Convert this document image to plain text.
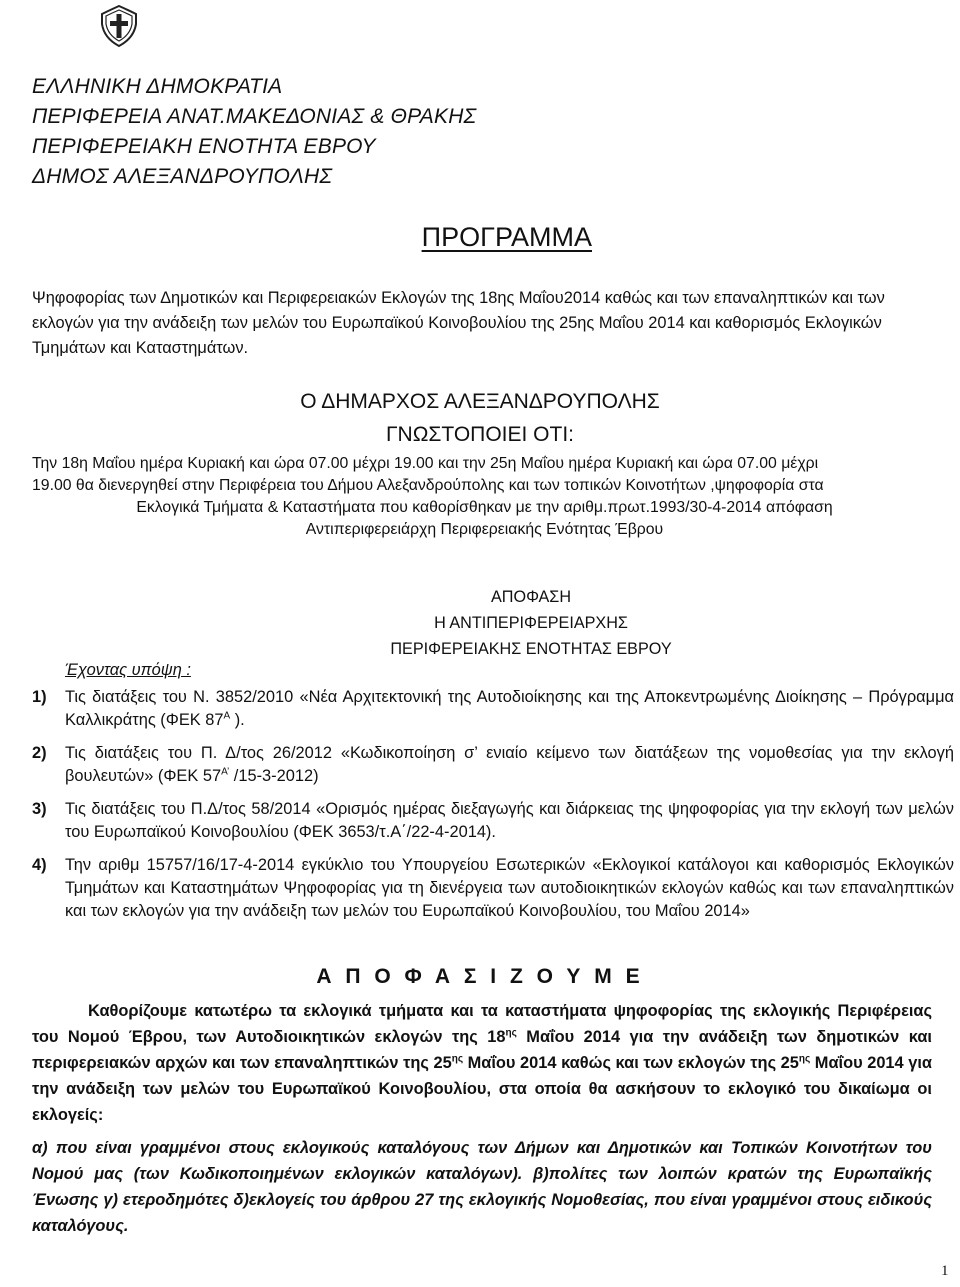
ΕΛΛΗΝΙΚΗ ΔΗΜΟΚΡΑΤΙΑ
ΠΕΡΙΦΕΡΕΙΑ ΑΝΑΤ.ΜΑΚΕΔΟΝΙΑΣ & ΘΡΑΚΗΣ
ΠΕΡΙΦΕΡΕΙΑΚΗ ΕΝΟΤΗΤΑ ΕΒΡΟΥ
ΔΗΜΟΣ ΑΛΕΞΑΝΔΡΟΥΠΟΛΗΣ
ΠΡΟΓΡΑΜΜΑ
Ψηφοφορίας των Δημοτικών και Περιφερειακών Εκλογών της 18ης Μαΐου2014 καθώς και των επαναληπτικών και των εκλογών για την ανάδειξη των μελών του Ευρωπαϊκού Κοινοβουλίου της 25ης Μαΐου 2014 και καθορισμός Εκλογικών Τμημάτων και Καταστημάτων.
Ο ΔΗΜΑΡΧΟΣ ΑΛΕΞΑΝΔΡΟΥΠΟΛΗΣ
ΓΝΩΣΤΟΠΟΙΕΙ ΟΤΙ:
Την 18η Μαΐου ημέρα Κυριακή και ώρα 07.00 μέχρι 19.00 και την 25η Μαΐου ημέρα Κυριακή και ώρα 07.00 μέχρι
19.00 θα διενεργηθεί στην Περιφέρεια του Δήμου Αλεξανδρούπολης και των τοπικών Κοινοτήτων ,ψηφοφορία στα
Εκλογικά Τμήματα & Καταστήματα που καθορίσθηκαν με την αριθμ.πρωτ.1993/30-4-2014 απόφαση
Αντιπεριφερειάρχη Περιφερειακής Ενότητας Έβρου
ΑΠΟΦΑΣΗ
Η ΑΝΤΙΠΕΡΙΦΕΡΕΙΑΡΧΗΣ
ΠΕΡΙΦΕΡΕΙΑΚΗΣ ΕΝΟΤΗΤΑΣ ΕΒΡΟΥ
Έχοντας υπόψη :
1)	Τις διατάξεις του Ν. 3852/2010 «Νέα Αρχιτεκτονική της Αυτοδιοίκησης και της Αποκεντρωμένης Διοίκησης – Πρόγραμμα Καλλικράτης (ΦΕΚ $87^A$ ).
2)	Τις διατάξεις του Π. Δ/τος 26/2012 «Κωδικοποίηση σ’ ενιαίο κείμενο των διατάξεων της νομοθεσίας για την εκλογή βουλευτών» (ΦΕΚ $57^{A’}$ /15-3-2012)
3)	Τις διατάξεις του Π.Δ/τος 58/2014 «Ορισμός ημέρας διεξαγωγής και διάρκειας της ψηφοφορίας για την εκλογή των μελών του Ευρωπαϊκού Κοινοβουλίου (ΦΕΚ 3653/τ.Α΄/22-4-2014).
4)	Την αριθμ 15757/16/17-4-2014 εγκύκλιο του Υπουργείου Εσωτερικών «Εκλογικοί κατάλογοι και καθορισμός Εκλογικών Τμημάτων και Καταστημάτων Ψηφοφορίας για τη διενέργεια των αυτοδιοικητικών εκλογών καθώς και των επαναληπτικών και των εκλογών για την ανάδειξη των μελών του Ευρωπαϊκού Κοινοβουλίου, του Μαΐου 2014»
Α Π Ο Φ Α Σ Ι Ζ Ο Υ Μ Ε
Καθορίζουμε κατωτέρω τα εκλογικά τμήματα και τα καταστήματα ψηφοφορίας της εκλογικής Περιφέρειας του Νομού Έβρου, των Αυτοδιοικητικών εκλογών της $18^{\eta\varsigma}$ Μαΐου 2014 για την ανάδειξη των δημοτικών και περιφερειακών αρχών και των επαναληπτικών της $25^{\eta\varsigma}$ Μαΐου 2014 καθώς και των εκλογών της $25^{\eta\varsigma}$ Μαΐου 2014 για την ανάδειξη των μελών του Ευρωπαϊκού Κοινοβουλίου, στα οποία θα ασκήσουν το εκλογικό του δικαίωμα οι εκλογείς:
α) που είναι γραμμένοι στους εκλογικούς καταλόγους των Δήμων και Δημοτικών και Τοπικών Κοινοτήτων του Νομού μας (των Κωδικοποιημένων εκλογικών καταλόγων). β)πολίτες των λοιπών κρατών της Ευρωπαϊκής Ένωσης γ) ετεροδημότες δ)εκλογείς του άρθρου 27 της εκλογικής Νομοθεσίας, που είναι γραμμένοι στους ειδικούς καταλόγους.
1
